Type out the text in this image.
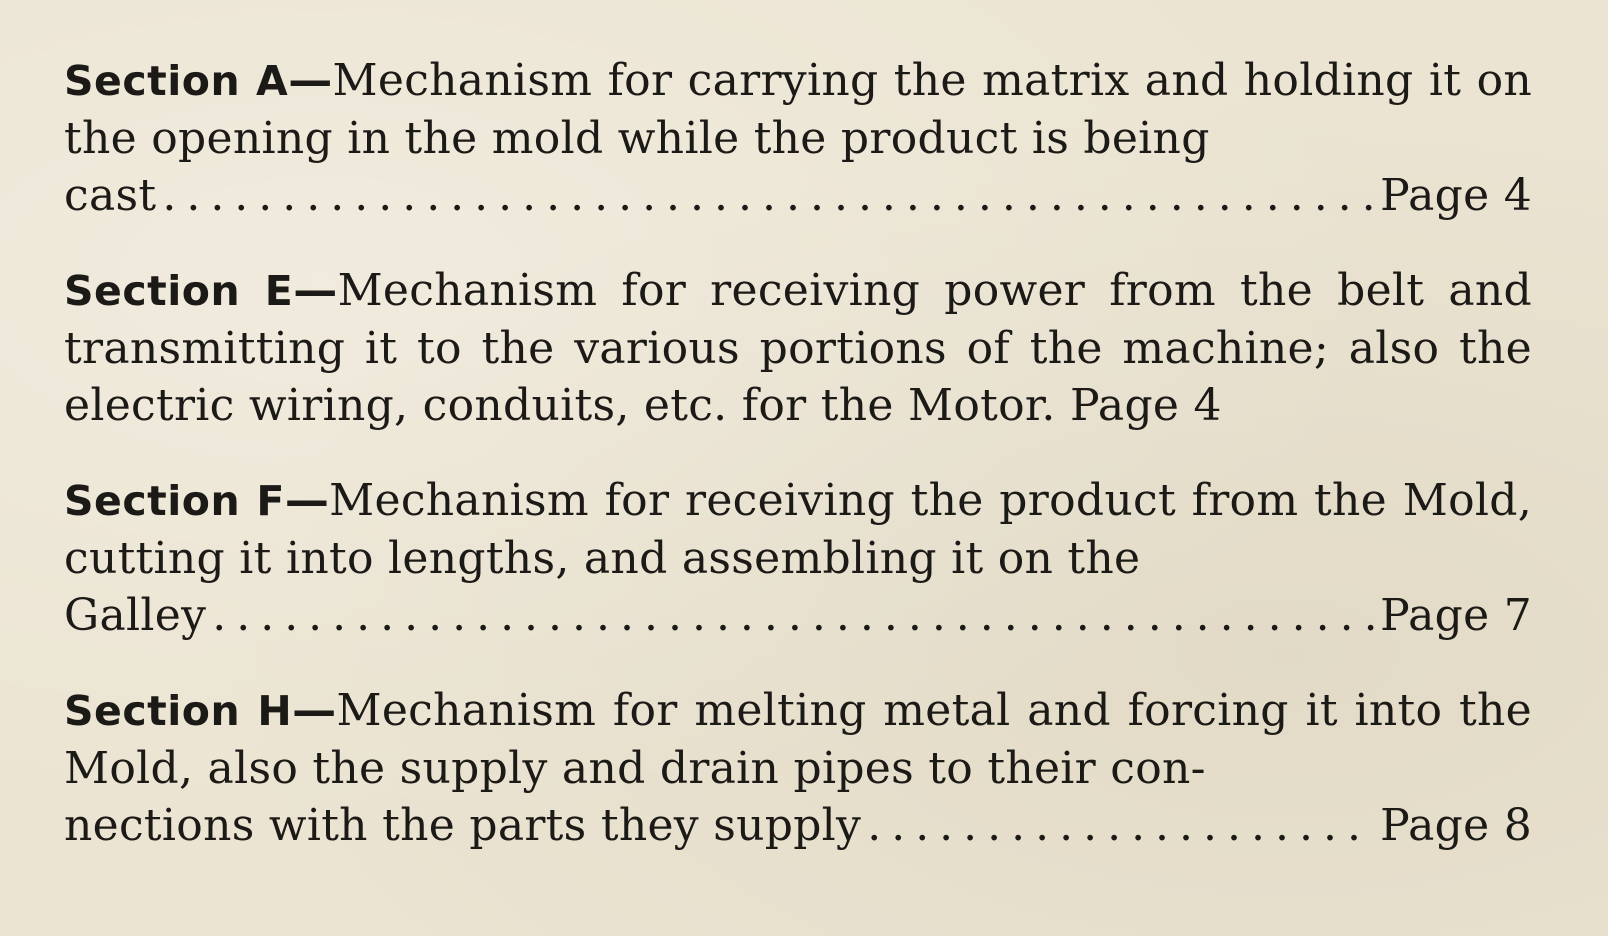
Section A—Mechanism for carrying the matrix and holding it on the opening in the mold while the product is being
cast .....	Page 4
Section E—Mechanism for receiving power from the belt and transmitting it to the various portions of the machine; also the electric wiring, conduits, etc. for the Motor. Page 4
Section F—Mechanism for receiving the product from the Mold, cutting it into lengths, and assembling it on the
Galley .....	Page 7
Section H—Mechanism for melting metal and forcing it into the Mold, also the supply and drain pipes to their con-
nections with the parts they supply .....	Page 8
